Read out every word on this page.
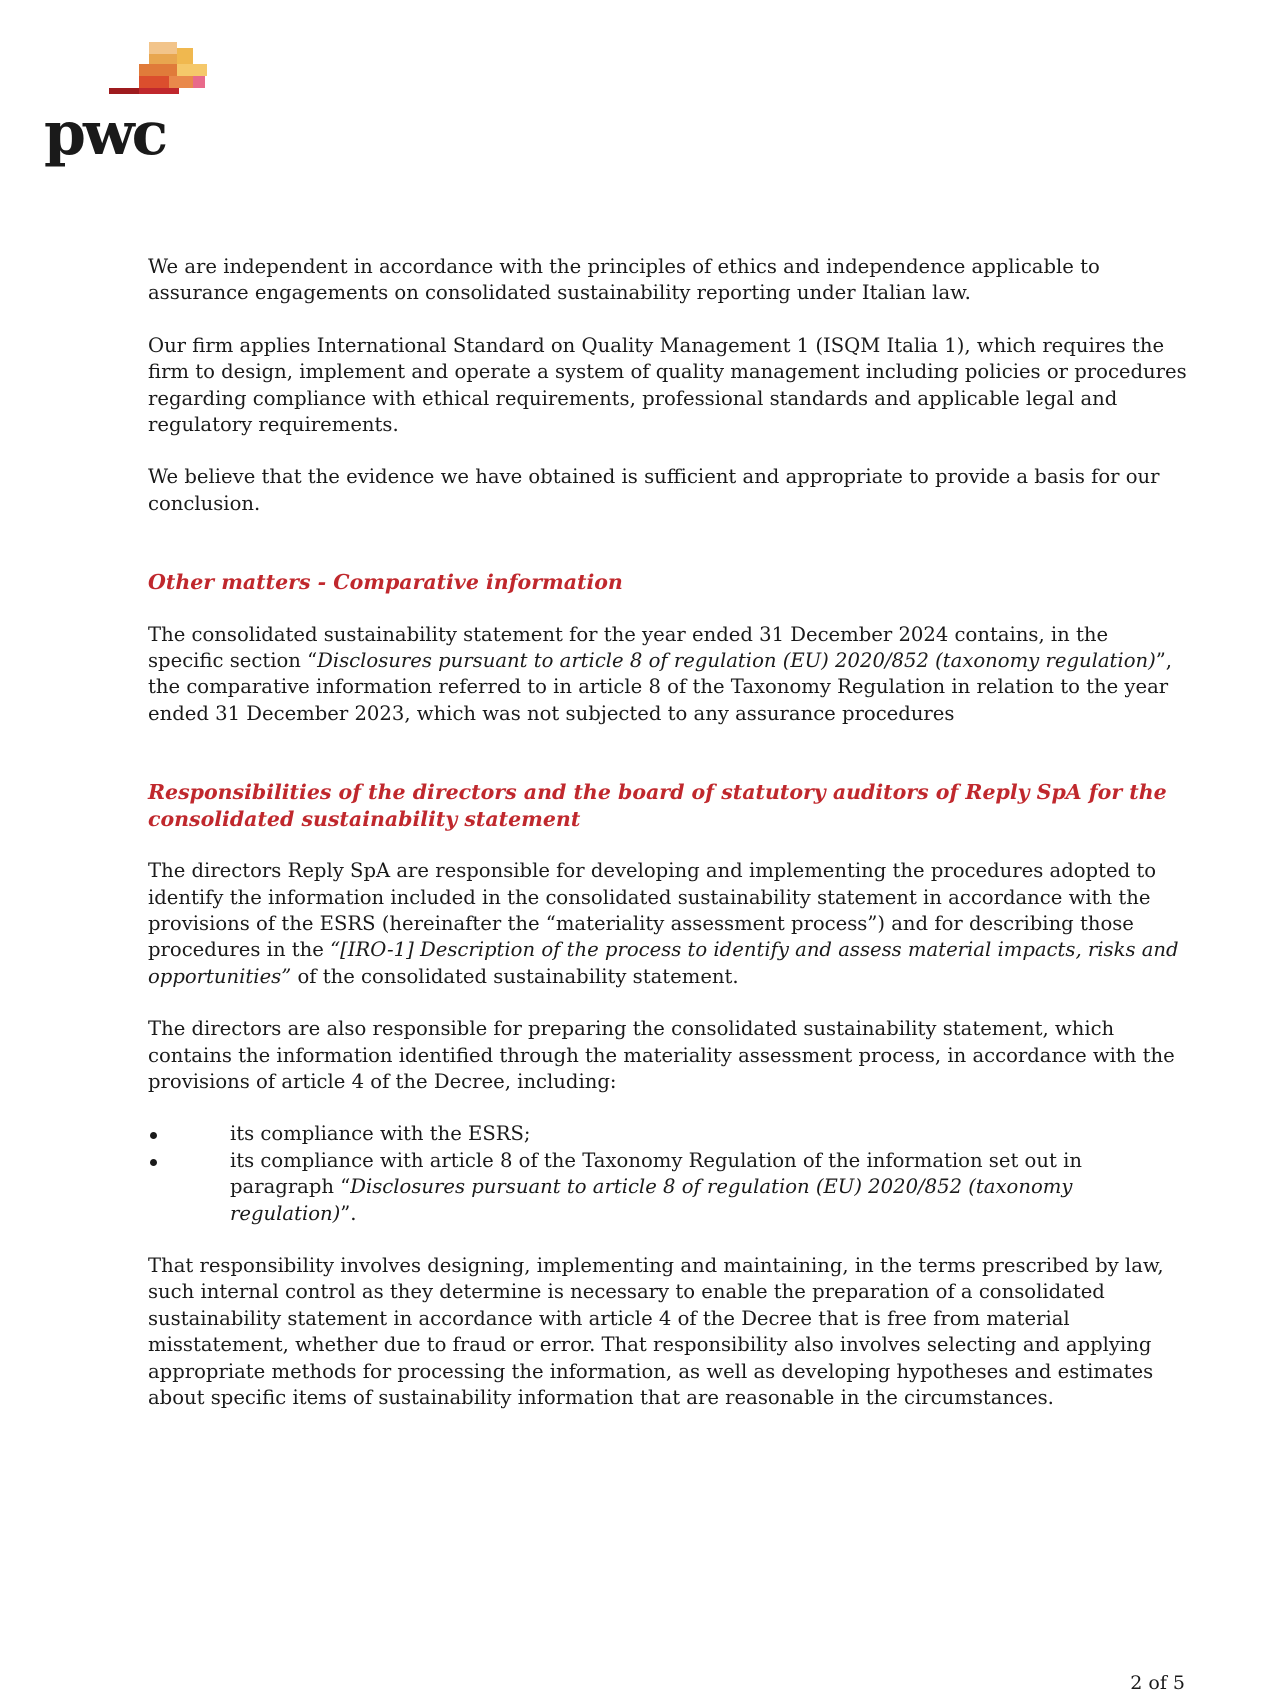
pwc

We are independent in accordance with the principles of ethics and independence applicable to assurance engagements on consolidated sustainability reporting under Italian law.

Our firm applies International Standard on Quality Management 1 (ISQM Italia 1), which requires the firm to design, implement and operate a system of quality management including policies or procedures regarding compliance with ethical requirements, professional standards and applicable legal and regulatory requirements.

We believe that the evidence we have obtained is sufficient and appropriate to provide a basis for our conclusion.

Other matters - Comparative information

The consolidated sustainability statement for the year ended 31 December 2024 contains, in the specific section “Disclosures pursuant to article 8 of regulation (EU) 2020/852 (taxonomy regulation)”, the comparative information referred to in article 8 of the Taxonomy Regulation in relation to the year ended 31 December 2023, which was not subjected to any assurance procedures

Responsibilities of the directors and the board of statutory auditors of Reply SpA for the consolidated sustainability statement

The directors Reply SpA are responsible for developing and implementing the procedures adopted to identify the information included in the consolidated sustainability statement in accordance with the provisions of the ESRS (hereinafter the “materiality assessment process”) and for describing those procedures in the “[IRO-1] Description of the process to identify and assess material impacts, risks and opportunities” of the consolidated sustainability statement.

The directors are also responsible for preparing the consolidated sustainability statement, which contains the information identified through the materiality assessment process, in accordance with the provisions of article 4 of the Decree, including:

its compliance with the ESRS;
its compliance with article 8 of the Taxonomy Regulation of the information set out in paragraph “Disclosures pursuant to article 8 of regulation (EU) 2020/852 (taxonomy regulation)”.

That responsibility involves designing, implementing and maintaining, in the terms prescribed by law, such internal control as they determine is necessary to enable the preparation of a consolidated sustainability statement in accordance with article 4 of the Decree that is free from material misstatement, whether due to fraud or error. That responsibility also involves selecting and applying appropriate methods for processing the information, as well as developing hypotheses and estimates about specific items of sustainability information that are reasonable in the circumstances.

2 of 5
